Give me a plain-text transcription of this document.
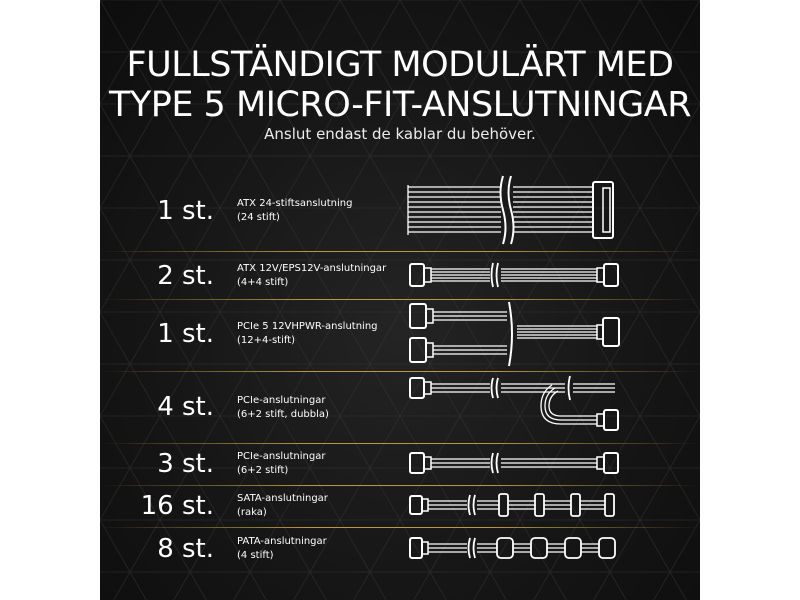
FULLSTÄNDIGT MODULÄRT MED
TYPE 5 MICRO-FIT-ANSLUTNINGAR
Anslut endast de kablar du behöver.
1 st. ATX 24-stiftsanslutning
(24 stift)
2 st. ATX 12V/EPS12V-anslutningar
(4+4 stift)
1 st. PCIe 5 12VHPWR-anslutning
(12+4-stift)
4 st. PCIe-anslutningar
(6+2 stift, dubbla)
3 st. PCIe-anslutningar
(6+2 stift)
16 st. SATA-anslutningar
(raka)
8 st. PATA-anslutningar
(4 stift)
